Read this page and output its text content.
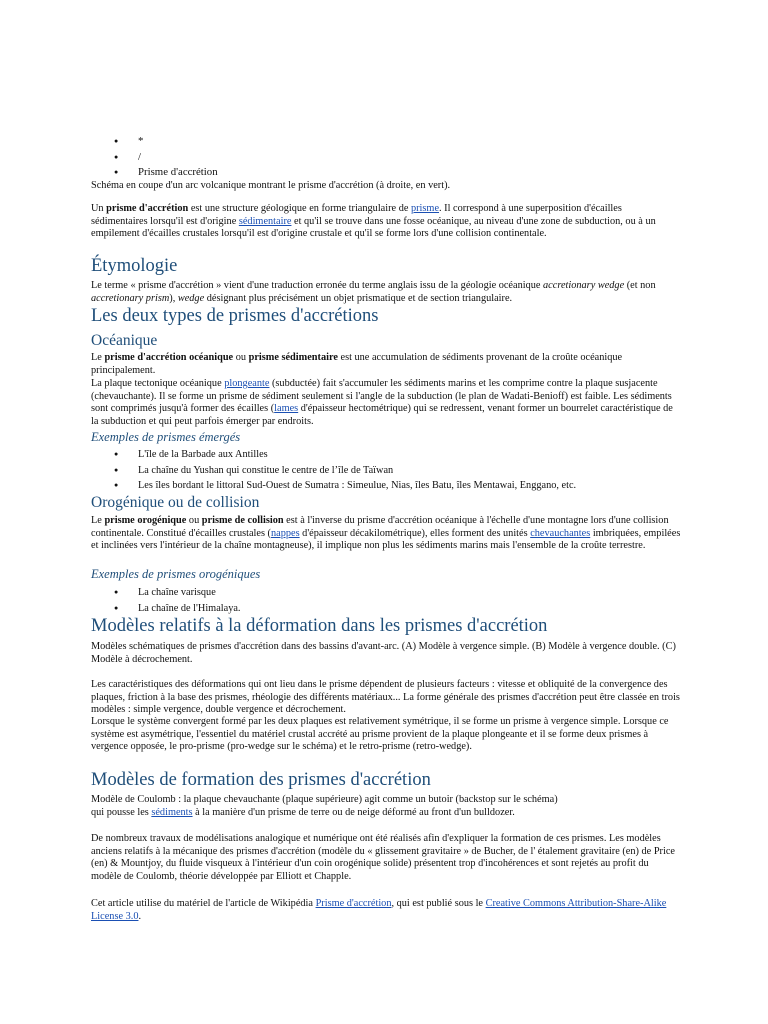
● *
● /
● Prisme d'accrétion

Schéma en coupe d'un arc volcanique montrant le prisme d'accrétion (à droite, en vert).

Un prisme d'accrétion est une structure géologique en forme triangulaire de prisme. Il correspond à une superposition d'écailles sédimentaires lorsqu'il est d'origine sédimentaire et qu'il se trouve dans une fosse océanique, au niveau d'une zone de subduction, ou à un empilement d'écailles crustales lorsqu'il est d'origine crustale et qu'il se forme lors d'une collision continentale.

Étymologie

Le terme « prisme d'accrétion » vient d'une traduction erronée du terme anglais issu de la géologie océanique accretionary wedge (et non accretionary prism), wedge désignant plus précisément un objet prismatique et de section triangulaire.

Les deux types de prismes d'accrétions
Océanique

Le prisme d'accrétion océanique ou prisme sédimentaire est une accumulation de sédiments provenant de la croûte océanique principalement.

La plaque tectonique océanique plongeante (subductée) fait s'accumuler les sédiments marins et les comprime contre la plaque susjacente (chevauchante). Il se forme un prisme de sédiment seulement si l'angle de la subduction (le plan de Wadati-Benioff) est faible. Les sédiments sont comprimés jusqu'à former des écailles (lames d'épaisseur hectométrique) qui se redressent, venant former un bourrelet caractéristique de la subduction et qui peut parfois émerger par endroits.

Exemples de prismes émergés
● L'île de la Barbade aux Antilles
● La chaîne du Yushan qui constitue le centre de l’île de Taïwan
● Les îles bordant le littoral Sud-Ouest de Sumatra : Simeulue, Nias, îles Batu, îles Mentawai, Enggano, etc.
Orogénique ou de collision

Le prisme orogénique ou prisme de collision est à l'inverse du prisme d'accrétion océanique à l'échelle d'une montagne lors d'une collision continentale. Constitué d'écailles crustales (nappes d'épaisseur décakilométrique), elles forment des unités chevauchantes imbriquées, empilées et inclinées vers l'intérieur de la chaîne montagneuse), il implique non plus les sédiments marins mais l'ensemble de la croûte terrestre.

Exemples de prismes orogéniques
● La chaîne varisque
● La chaîne de l'Himalaya.
Modèles relatifs à la déformation dans les prismes d'accrétion

Modèles schématiques de prismes d'accrétion dans des bassins d'avant-arc. (A) Modèle à vergence simple. (B) Modèle à vergence double. (C) Modèle à décrochement.

Les caractéristiques des déformations qui ont lieu dans le prisme dépendent de plusieurs facteurs : vitesse et obliquité de la convergence des plaques, friction à la base des prismes, rhéologie des différents matériaux... La forme générale des prismes d'accrétion peut être classée en trois modèles : simple vergence, double vergence et décrochement.

Lorsque le système convergent formé par les deux plaques est relativement symétrique, il se forme un prisme à vergence simple. Lorsque ce système est asymétrique, l'essentiel du matériel crustal accrété au prisme provient de la plaque plongeante et il se forme deux prismes à vergence opposée, le pro-prisme (pro-wedge sur le schéma) et le retro-prisme (retro-wedge).

Modèles de formation des prismes d'accrétion

Modèle de Coulomb : la plaque chevauchante (plaque supérieure) agit comme un butoir (backstop sur le schéma)
qui pousse les sédiments à la manière d'un prisme de terre ou de neige déformé au front d'un bulldozer.

De nombreux travaux de modélisations analogique et numérique ont été réalisés afin d'expliquer la formation de ces prismes. Les modèles anciens relatifs à la mécanique des prismes d'accrétion (modèle du « glissement gravitaire » de Bucher, de l' étalement gravitaire (en) de Price (en) & Mountjoy, du fluide visqueux à l'intérieur d'un coin orogénique solide) présentent trop d'incohérences et sont rejetés au profit du modèle de Coulomb, théorie développée par Elliott et Chapple.

Cet article utilise du matériel de l'article de Wikipédia Prisme d'accrétion, qui est publié sous le Creative Commons Attribution-Share-Alike License 3.0.
